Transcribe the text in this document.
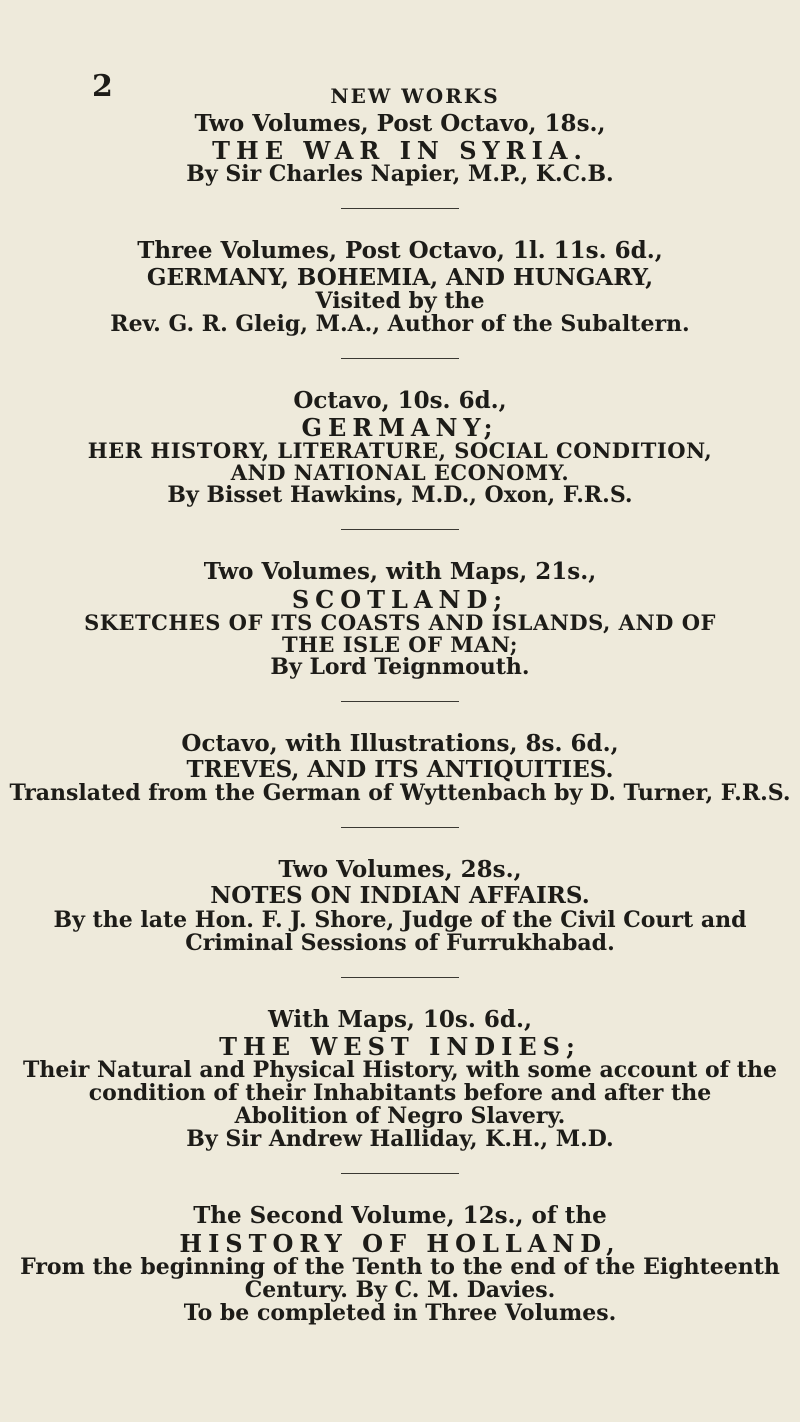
2	NEW WORKS
Two Volumes, Post Octavo, 18s.,
THE WAR IN SYRIA.
By Sir Charles Napier, M.P., K.C.B.
Three Volumes, Post Octavo, 1l. 11s. 6d.,
GERMANY, BOHEMIA, AND HUNGARY,
Visited by the
Rev. G. R. Gleig, M.A., Author of the Subaltern.
Octavo, 10s. 6d.,
GERMANY;
HER HISTORY, LITERATURE, SOCIAL CONDITION,
AND NATIONAL ECONOMY.
By Bisset Hawkins, M.D., Oxon, F.R.S.
Two Volumes, with Maps, 21s.,
SCOTLAND;
SKETCHES OF ITS COASTS AND ISLANDS, AND OF
THE ISLE OF MAN;
By Lord Teignmouth.
Octavo, with Illustrations, 8s. 6d.,
TREVES, AND ITS ANTIQUITIES.
Translated from the German of Wyttenbach by D. Turner, F.R.S.
Two Volumes, 28s.,
NOTES ON INDIAN AFFAIRS.
By the late Hon. F. J. Shore, Judge of the Civil Court and
Criminal Sessions of Furrukhabad.
With Maps, 10s. 6d.,
THE WEST INDIES;
Their Natural and Physical History, with some account of the
condition of their Inhabitants before and after the
Abolition of Negro Slavery.
By Sir Andrew Halliday, K.H., M.D.
The Second Volume, 12s., of the
HISTORY OF HOLLAND,
From the beginning of the Tenth to the end of the Eighteenth
Century. By C. M. Davies.
To be completed in Three Volumes.
